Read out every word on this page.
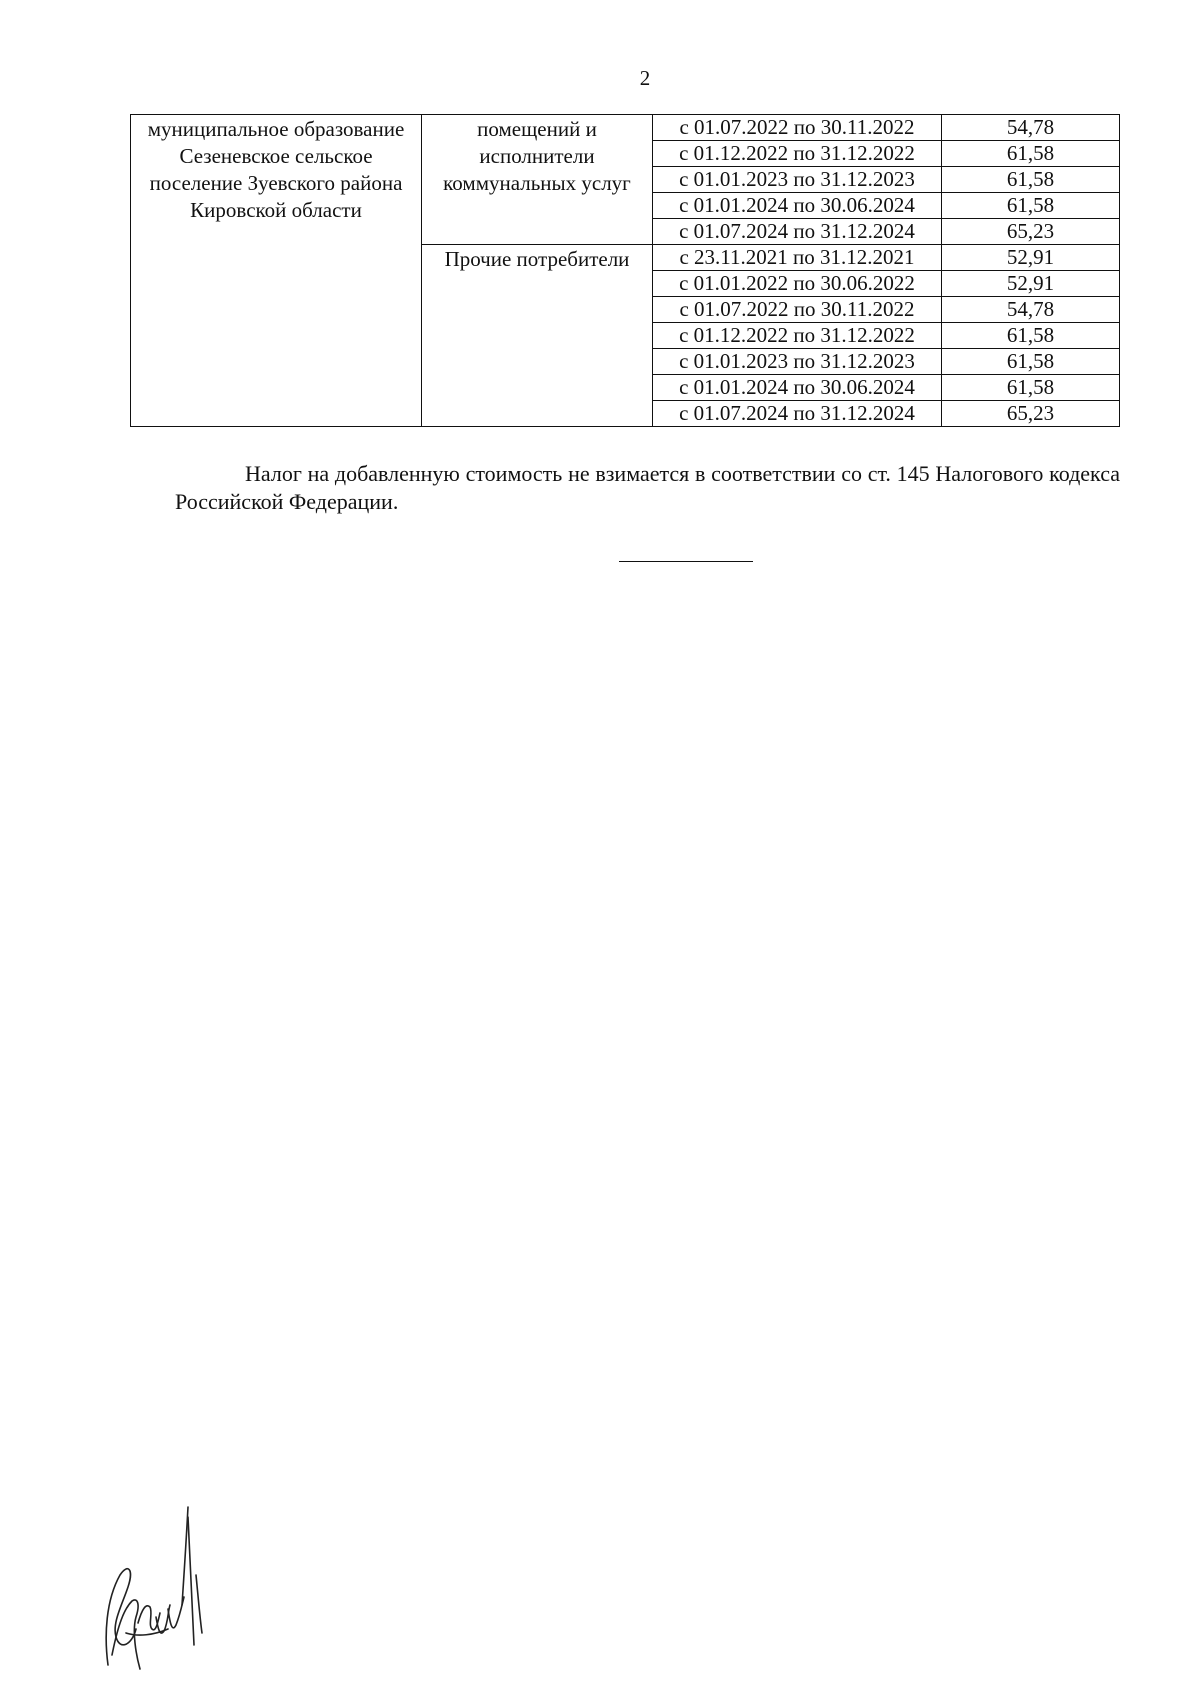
2
муниципальное образование Сезеневское сельское поселение Зуевского района Кировской области	помещений и исполнители коммунальных услуг	с 01.07.2022 по 30.11.2022	54,78
		с 01.12.2022 по 31.12.2022	61,58
		с 01.01.2023 по 31.12.2023	61,58
		с 01.01.2024 по 30.06.2024	61,58
		с 01.07.2024 по 31.12.2024	65,23
	Прочие потребители	с 23.11.2021 по 31.12.2021	52,91
		с 01.01.2022 по 30.06.2022	52,91
		с 01.07.2022 по 30.11.2022	54,78
		с 01.12.2022 по 31.12.2022	61,58
		с 01.01.2023 по 31.12.2023	61,58
		с 01.01.2024 по 30.06.2024	61,58
		с 01.07.2024 по 31.12.2024	65,23

Налог на добавленную стоимость не взимается в соответствии со ст. 145 Налогового кодекса Российской Федерации.
